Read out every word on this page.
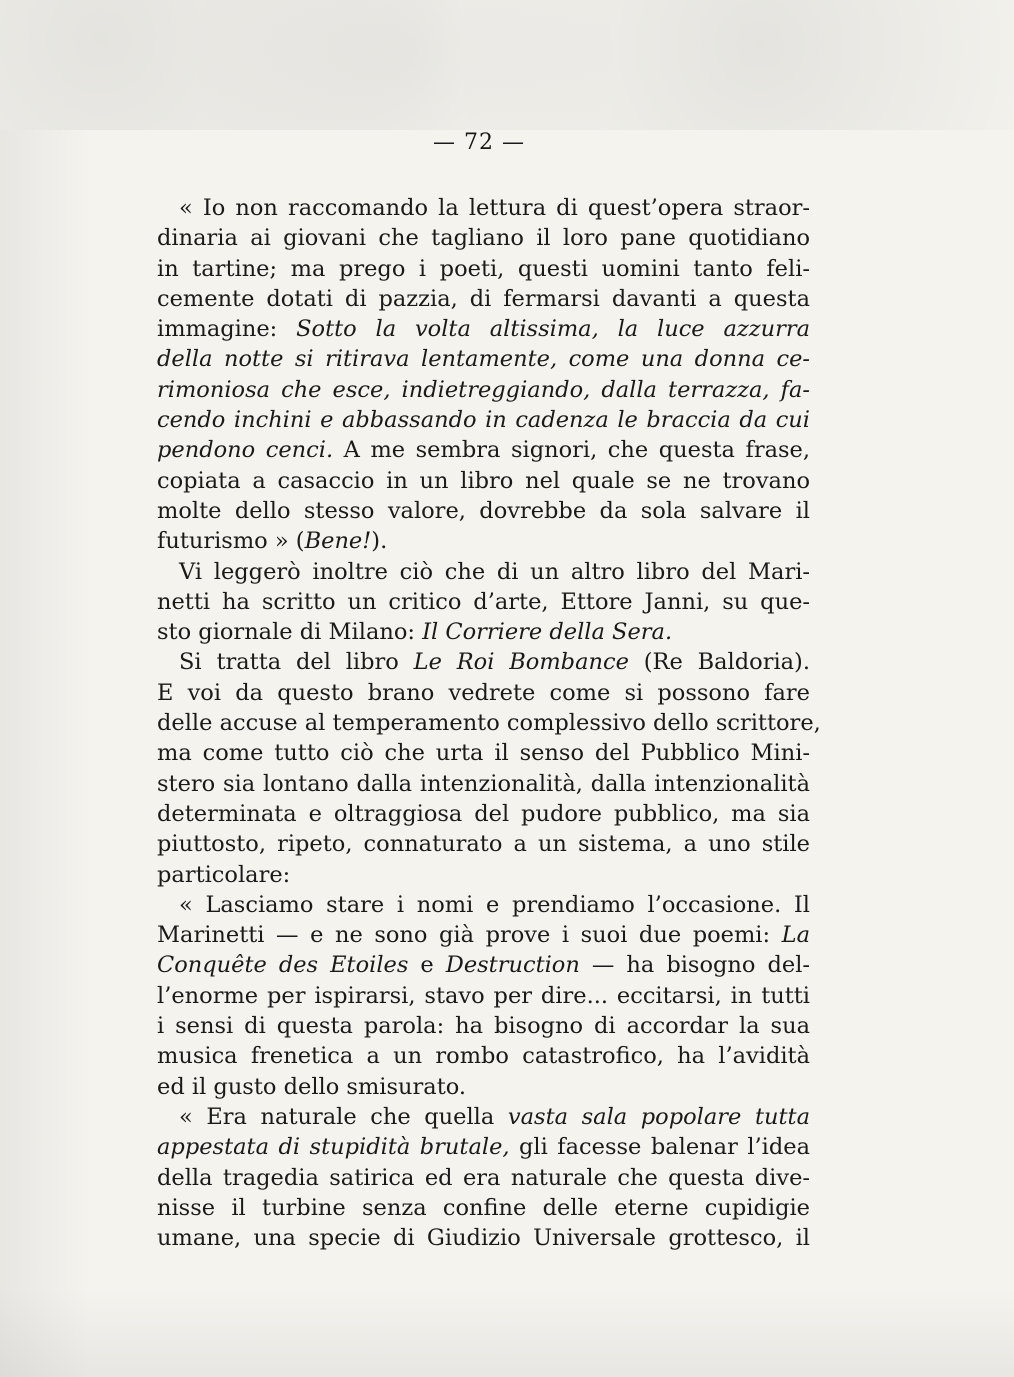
— 72 —
« Io non raccomando la lettura di quest’opera straor-
dinaria ai giovani che tagliano il loro pane quotidiano
in tartine; ma prego i poeti, questi uomini tanto feli-
cemente dotati di pazzia, di fermarsi davanti a questa
immagine: Sotto la volta altissima, la luce azzurra
della notte si ritirava lentamente, come una donna ce-
rimoniosa che esce, indietreggiando, dalla terrazza, fa-
cendo inchini e abbassando in cadenza le braccia da cui
pendono cenci. A me sembra signori, che questa frase,
copiata a casaccio in un libro nel quale se ne trovano
molte dello stesso valore, dovrebbe da sola salvare il
futurismo » (Bene!).
Vi leggerò inoltre ciò che di un altro libro del Mari-
netti ha scritto un critico d’arte, Ettore Janni, su que-
sto giornale di Milano: Il Corriere della Sera.
Si tratta del libro Le Roi Bombance (Re Baldoria).
E voi da questo brano vedrete come si possono fare
delle accuse al temperamento complessivo dello scrittore,
ma come tutto ciò che urta il senso del Pubblico Mini-
stero sia lontano dalla intenzionalità, dalla intenzionalità
determinata e oltraggiosa del pudore pubblico, ma sia
piuttosto, ripeto, connaturato a un sistema, a uno stile
particolare:
« Lasciamo stare i nomi e prendiamo l’occasione. Il
Marinetti — e ne sono già prove i suoi due poemi: La
Conquête des Etoiles e Destruction — ha bisogno del-
l’enorme per ispirarsi, stavo per dire... eccitarsi, in tutti
i sensi di questa parola: ha bisogno di accordar la sua
musica frenetica a un rombo catastrofico, ha l’avidità
ed il gusto dello smisurato.
« Era naturale che quella vasta sala popolare tutta
appestata di stupidità brutale, gli facesse balenar l’idea
della tragedia satirica ed era naturale che questa dive-
nisse il turbine senza confine delle eterne cupidigie
umane, una specie di Giudizio Universale grottesco, il
